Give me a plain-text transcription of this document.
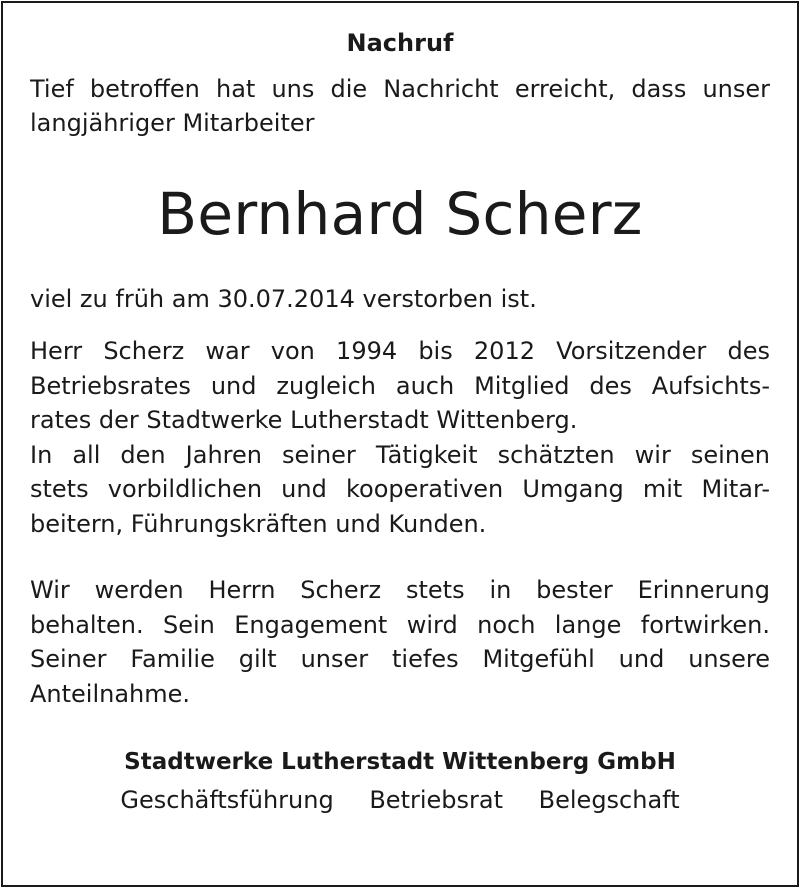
Nachruf

Tief betroffen hat uns die Nachricht erreicht, dass unser
langjähriger Mitarbeiter

Bernhard Scherz

viel zu früh am 30.07.2014 verstorben ist.

Herr Scherz war von 1994 bis 2012 Vorsitzender des
Betriebsrates und zugleich auch Mitglied des Aufsichts-
rates der Stadtwerke Lutherstadt Wittenberg.
In all den Jahren seiner Tätigkeit schätzten wir seinen
stets vorbildlichen und kooperativen Umgang mit Mitar-
beitern, Führungskräften und Kunden.

Wir werden Herrn Scherz stets in bester Erinnerung
behalten. Sein Engagement wird noch lange fortwirken.
Seiner Familie gilt unser tiefes Mitgefühl und unsere
Anteilnahme.

Stadtwerke Lutherstadt Wittenberg GmbH

Geschäftsführung Betriebsrat Belegschaft
